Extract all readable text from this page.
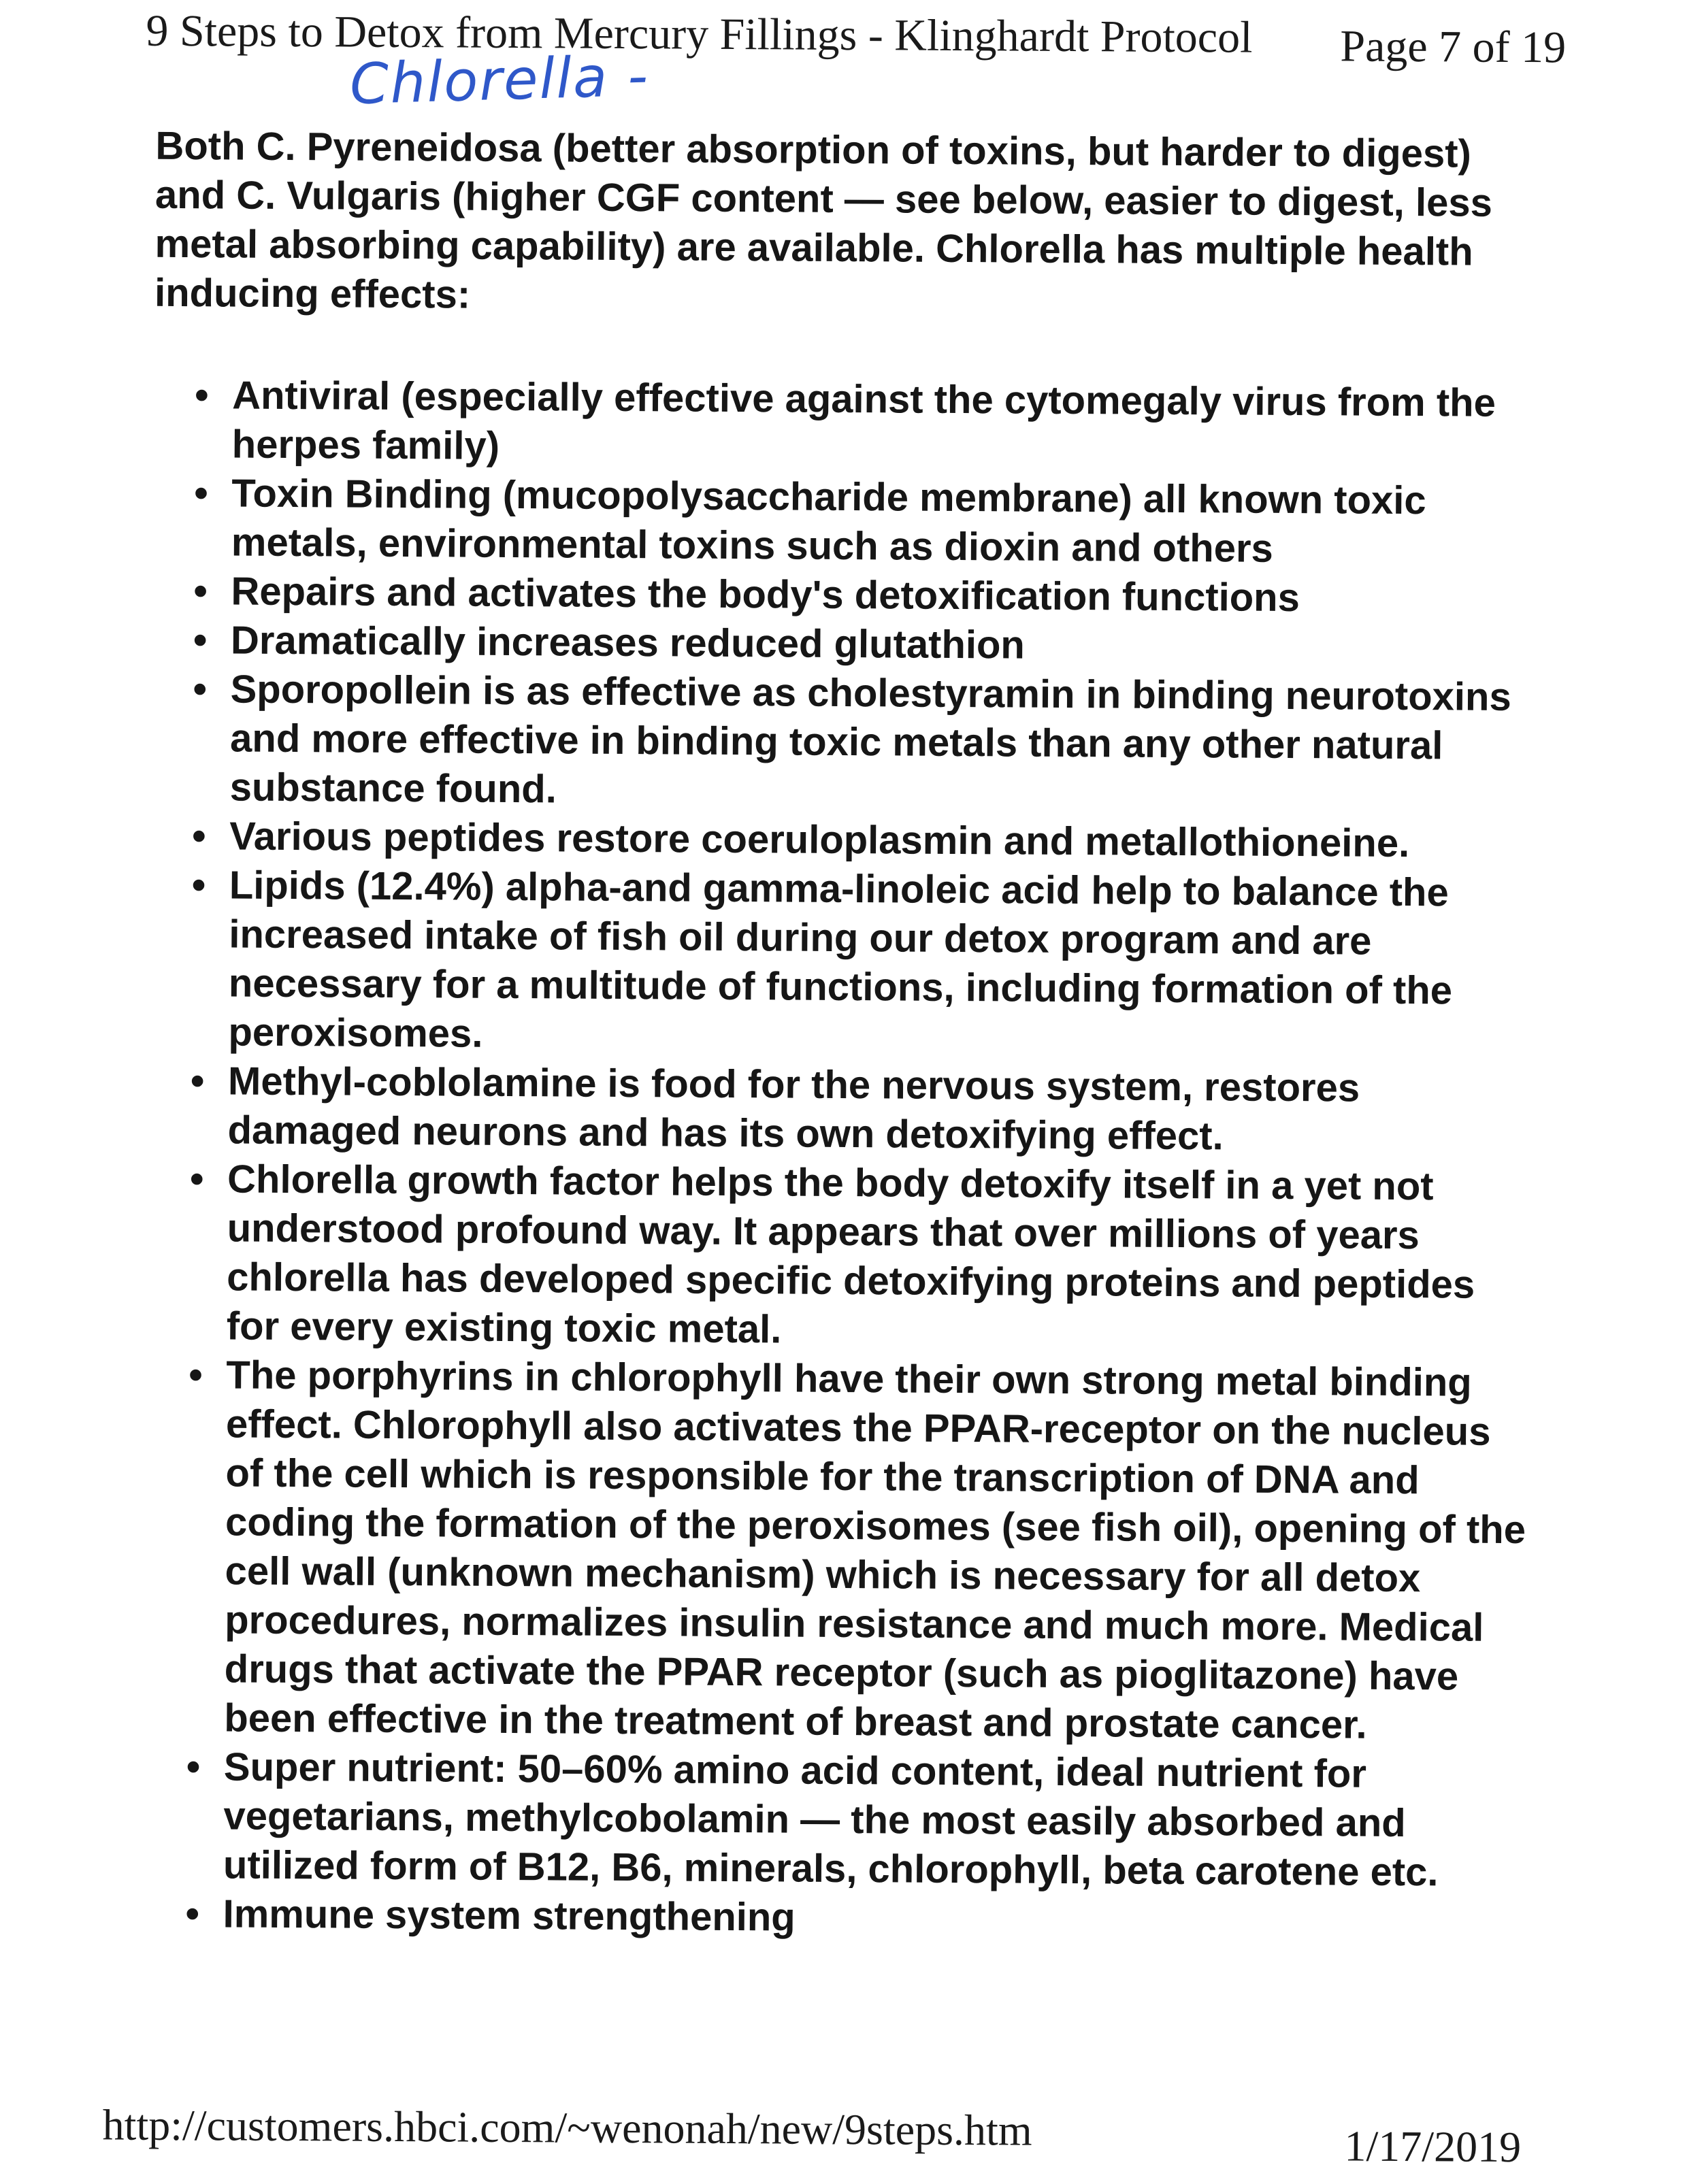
9 Steps to Detox from Mercury Fillings - Klinghardt Protocol Page 7 of 19
Chlorella -

Both C. Pyreneidosa (better absorption of toxins, but harder to digest) and C. Vulgaris (higher CGF content — see below, easier to digest, less metal absorbing capability) are available. Chlorella has multiple health inducing effects:

• Antiviral (especially effective against the cytomegaly virus from the herpes family)
• Toxin Binding (mucopolysaccharide membrane) all known toxic metals, environmental toxins such as dioxin and others
• Repairs and activates the body's detoxification functions
• Dramatically increases reduced glutathion
• Sporopollein is as effective as cholestyramin in binding neurotoxins and more effective in binding toxic metals than any other natural substance found.
• Various peptides restore coeruloplasmin and metallothioneine.
• Lipids (12.4%) alpha-and gamma-linoleic acid help to balance the increased intake of fish oil during our detox program and are necessary for a multitude of functions, including formation of the peroxisomes.
• Methyl-coblolamine is food for the nervous system, restores damaged neurons and has its own detoxifying effect.
• Chlorella growth factor helps the body detoxify itself in a yet not understood profound way. It appears that over millions of years chlorella has developed specific detoxifying proteins and peptides for every existing toxic metal.
• The porphyrins in chlorophyll have their own strong metal binding effect. Chlorophyll also activates the PPAR-receptor on the nucleus of the cell which is responsible for the transcription of DNA and coding the formation of the peroxisomes (see fish oil), opening of the cell wall (unknown mechanism) which is necessary for all detox procedures, normalizes insulin resistance and much more. Medical drugs that activate the PPAR receptor (such as pioglitazone) have been effective in the treatment of breast and prostate cancer.
• Super nutrient: 50–60% amino acid content, ideal nutrient for vegetarians, methylcobolamin — the most easily absorbed and utilized form of B12, B6, minerals, chlorophyll, beta carotene etc.
• Immune system strengthening
http://customers.hbci.com/~wenonah/new/9steps.htm	1/17/2019
